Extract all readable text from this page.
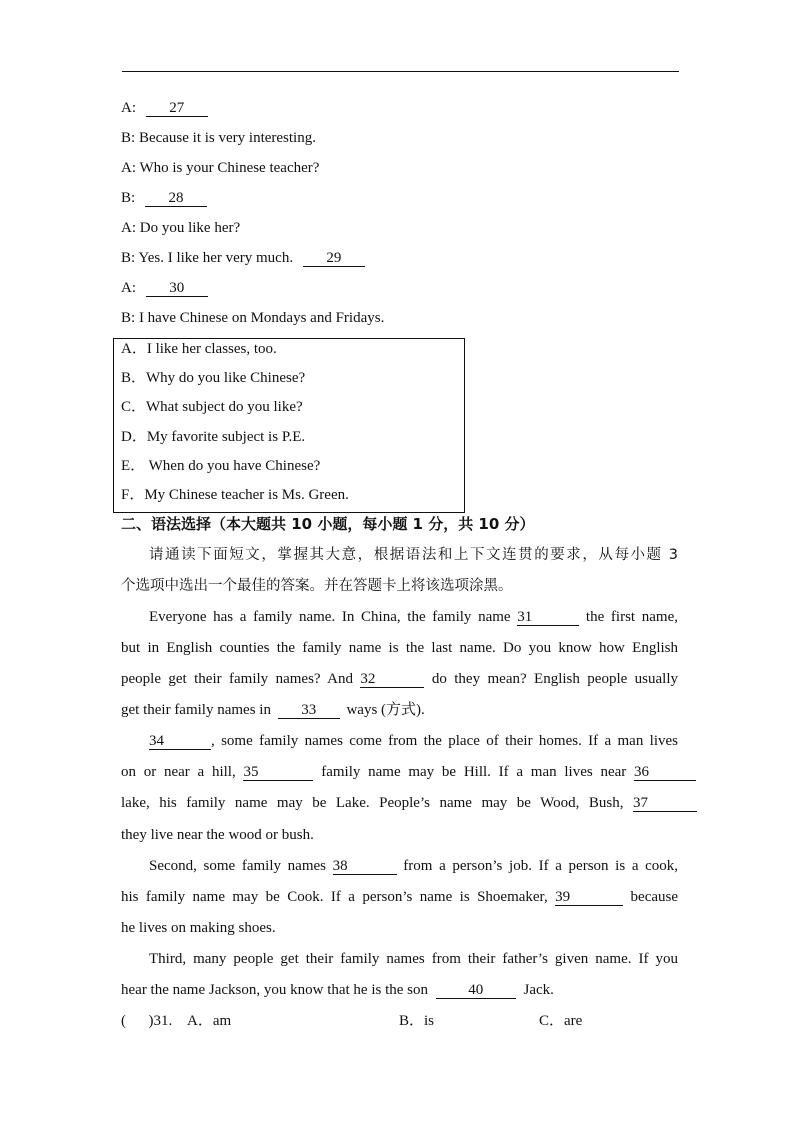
A: 27
B: Because it is very interesting.
A: Who is your Chinese teacher?
B: 28
A: Do you like her?
B: Yes. I like her very much. 29
A: 30
B: I have Chinese on Mondays and Fridays.
A．I like her classes, too.
B．Why do you like Chinese?
C．What subject do you like?
D．My favorite subject is P.E.
E． When do you have Chinese?
F．My Chinese teacher is Ms. Green.
二、语法选择（本大题共 10 小题，每小题 1 分，共 10 分）
请通读下面短文，掌握其大意，根据语法和上下文连贯的要求，从每小题 3
个选项中选出一个最佳的答案。并在答题卡上将该选项涂黑。
Everyone has a family name. In China, the family name 31	the first name,
but in English counties the family name is the last name. Do you know how English
people get their family names? And 32	do they mean? English people usually
get their family names in 33 ways (方式).
34	, some family names come from the place of their homes. If a man lives
on or near a hill, 35	family name may be Hill. If a man lives near 36
lake, his family name may be Lake. People’s name may be Wood, Bush, 37
they live near the wood or bush.
Second, some family names 38	from a person’s job. If a person is a cook,
his family name may be Cook. If a person’s name is Shoemaker, 39	because
he lives on making shoes.
Third, many people get their family names from their father’s given name. If you
hear the name Jackson, you know that he is the son	40	Jack.
(      )31. A．am	B．is	C．are
